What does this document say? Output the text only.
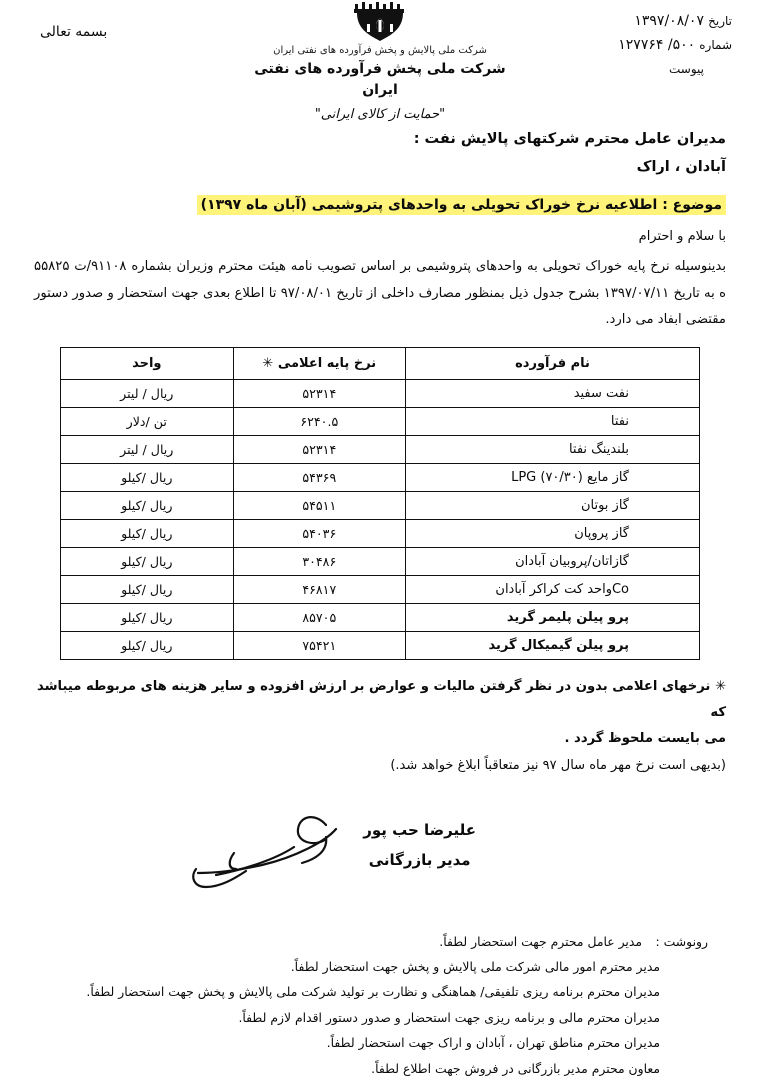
تاریخ ۱۳۹۷/۰۸/۰۷
شماره ۵۰۰/ ۱۲۷۷۶۴
پیوست
بسمه تعالی
شرکت ملی پالایش و پخش فرآورده های نفتی ایران
شرکت ملی پخش فرآورده های نفتی ایران
"حمایت از کالای ایرانی"
مدیران عامل محترم شرکتهای پالایش نفت :
آبادان ، اراک
موضوع : اطلاعیه نرخ خوراک تحویلی به واحدهای پتروشیمی (آبان ماه ۱۳۹۷)
با سلام و احترام
بدینوسیله نرخ پایه خوراک تحویلی به واحدهای پتروشیمی بر اساس تصویب نامه هیئت محترم وزیران بشماره ۹۱۱۰۸/ت ۵۵۸۲۵ ه به تاریخ ۱۳۹۷/۰۷/۱۱ بشرح جدول ذیل بمنظور مصارف داخلی از تاریخ ۹۷/۰۸/۰۱ تا اطلاع بعدی جهت استحضار و صدور دستور مقتضی ابفاد می دارد.
نام فرآورده	نرخ پایه اعلامی ✳	واحد
نفت سفید	۵۲۳۱۴	ریال / لیتر
نفتا	۶۲۴۰.۵	تن /دلار
بلندینگ نفتا	۵۲۳۱۴	ریال / لیتر
گاز مایع LPG (۷۰/۳۰)	۵۴۳۶۹	ریال /کیلو
گاز بوتان	۵۴۵۱۱	ریال /کیلو
گاز پروپان	۵۴۰۳۶	ریال /کیلو
گازاتان/پروبیان آبادان	۳۰۴۸۶	ریال /کیلو
Coواحد کت کراکر آبادان	۴۶۸۱۷	ریال /کیلو
پرو پیلن پلیمر گرید	۸۵۷۰۵	ریال /کیلو
پرو پیلن گیمیکال گرید	۷۵۴۲۱	ریال /کیلو
✳ نرخهای اعلامی بدون در نظر گرفتن مالیات و عوارض بر ارزش افزوده و سایر هزینه های مربوطه میباشد که
می بایست ملحوظ گردد .
(بدیهی است نرخ مهر ماه سال ۹۷ نیز متعاقباً ابلاغ خواهد شد.)
علیرضا حب پور
مدیر بازرگانی
رونوشت :
مدیر عامل محترم جهت استحضار لطفاً.
مدیر محترم امور مالی شرکت ملی پالایش و پخش جهت استحضار لطفاً.
مدیران محترم برنامه ریزی تلفیقی/ هماهنگی و نظارت بر تولید شرکت ملی پالایش و پخش جهت استحضار لطفاً.
مدیران محترم مالی و برنامه ریزی جهت استحضار و صدور دستور اقدام لازم لطفاً.
مدیران محترم مناطق تهران ، آبادان و اراک جهت استحضار لطفاً.
معاون محترم مدیر بازرگانی در فروش جهت اطلاع لطفاً.
